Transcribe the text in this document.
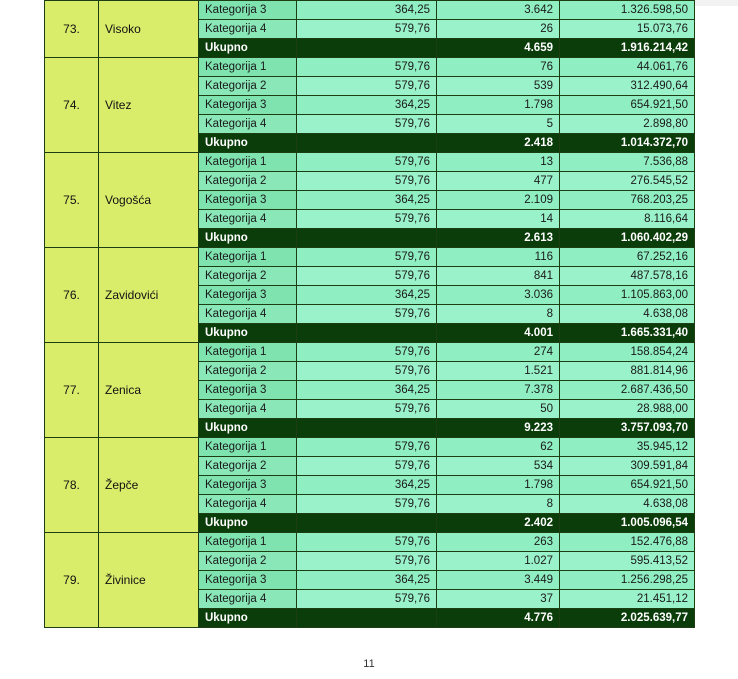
73.	Visoko	Kategorija 3	364,25	3.642	1.326.598,50
		Kategorija 4	579,76	26	15.073,76
		Ukupno		4.659	1.916.214,42
74.	Vitez	Kategorija 1	579,76	76	44.061,76
		Kategorija 2	579,76	539	312.490,64
		Kategorija 3	364,25	1.798	654.921,50
		Kategorija 4	579,76	5	2.898,80
		Ukupno		2.418	1.014.372,70
75.	Vogošća	Kategorija 1	579,76	13	7.536,88
		Kategorija 2	579,76	477	276.545,52
		Kategorija 3	364,25	2.109	768.203,25
		Kategorija 4	579,76	14	8.116,64
		Ukupno		2.613	1.060.402,29
76.	Zavidovići	Kategorija 1	579,76	116	67.252,16
		Kategorija 2	579,76	841	487.578,16
		Kategorija 3	364,25	3.036	1.105.863,00
		Kategorija 4	579,76	8	4.638,08
		Ukupno		4.001	1.665.331,40
77.	Zenica	Kategorija 1	579,76	274	158.854,24
		Kategorija 2	579,76	1.521	881.814,96
		Kategorija 3	364,25	7.378	2.687.436,50
		Kategorija 4	579,76	50	28.988,00
		Ukupno		9.223	3.757.093,70
78.	Žepče	Kategorija 1	579,76	62	35.945,12
		Kategorija 2	579,76	534	309.591,84
		Kategorija 3	364,25	1.798	654.921,50
		Kategorija 4	579,76	8	4.638,08
		Ukupno		2.402	1.005.096,54
79.	Živinice	Kategorija 1	579,76	263	152.476,88
		Kategorija 2	579,76	1.027	595.413,52
		Kategorija 3	364,25	3.449	1.256.298,25
		Kategorija 4	579,76	37	21.451,12
		Ukupno		4.776	2.025.639,77
11
